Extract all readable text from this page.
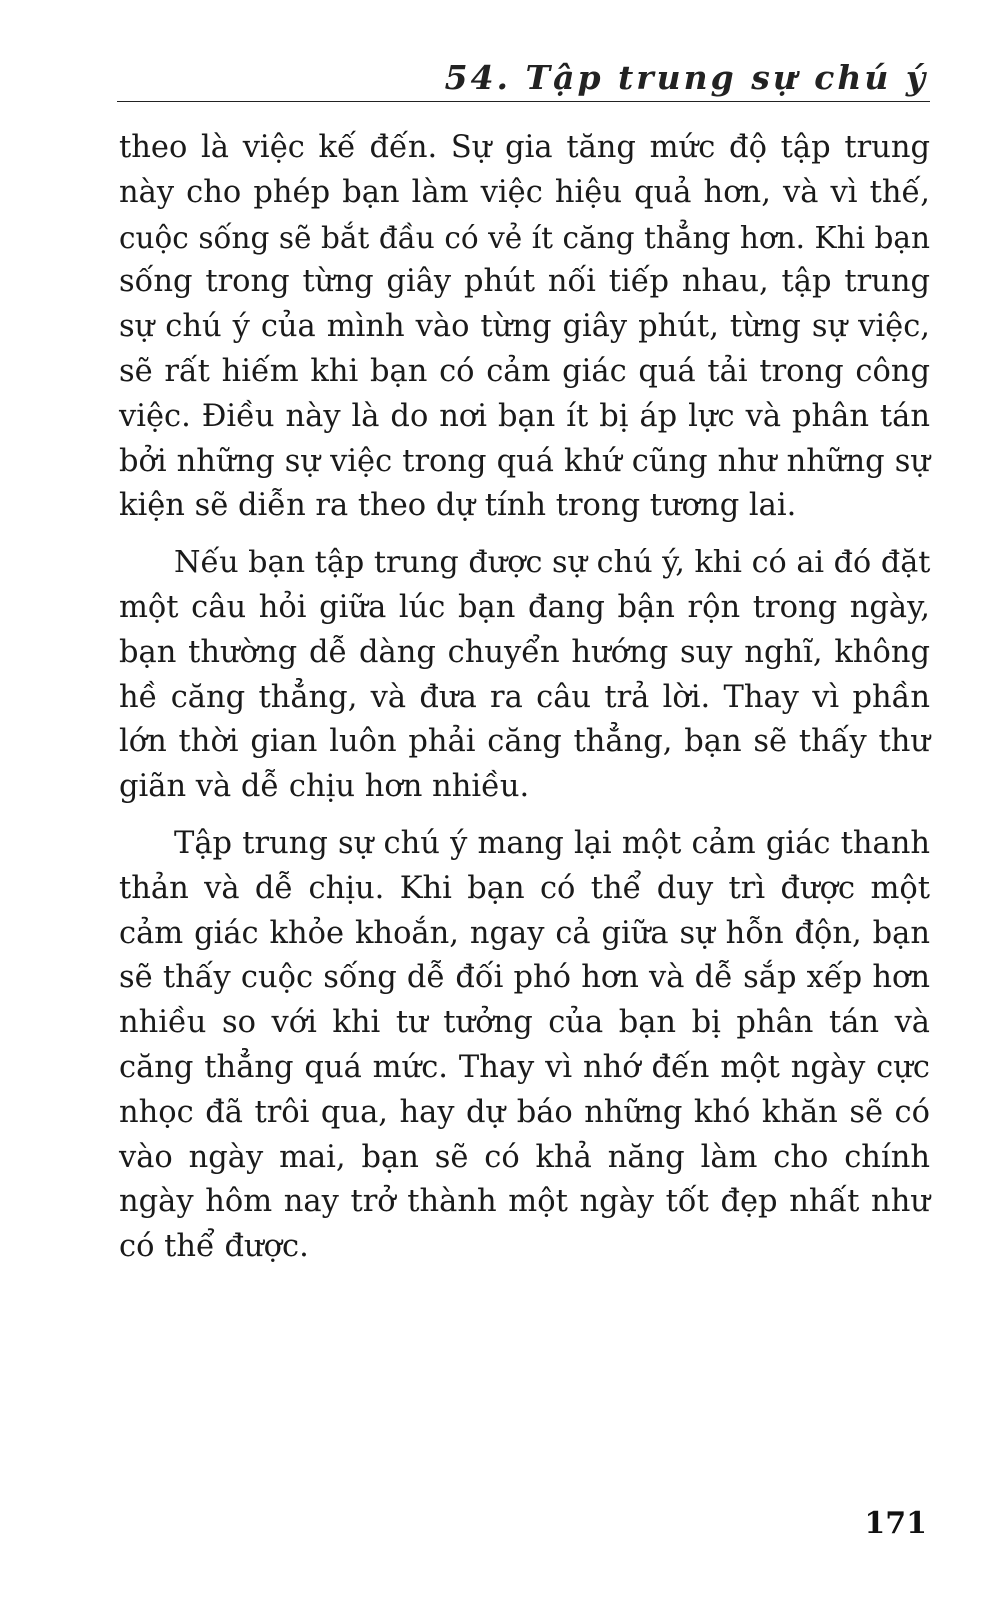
54. Tập trung sự chú ý

theo là việc kế đến. Sự gia tăng mức độ tập trung
này cho phép bạn làm việc hiệu quả hơn, và vì thế,
cuộc sống sẽ bắt đầu có vẻ ít căng thẳng hơn. Khi bạn
sống trong từng giây phút nối tiếp nhau, tập trung
sự chú ý của mình vào từng giây phút, từng sự việc,
sẽ rất hiếm khi bạn có cảm giác quá tải trong công
việc. Điều này là do nơi bạn ít bị áp lực và phân tán
bởi những sự việc trong quá khứ cũng như những sự
kiện sẽ diễn ra theo dự tính trong tương lai.

Nếu bạn tập trung được sự chú ý, khi có ai đó đặt
một câu hỏi giữa lúc bạn đang bận rộn trong ngày,
bạn thường dễ dàng chuyển hướng suy nghĩ, không
hề căng thẳng, và đưa ra câu trả lời. Thay vì phần
lớn thời gian luôn phải căng thẳng, bạn sẽ thấy thư
giãn và dễ chịu hơn nhiều.

Tập trung sự chú ý mang lại một cảm giác thanh
thản và dễ chịu. Khi bạn có thể duy trì được một
cảm giác khỏe khoắn, ngay cả giữa sự hỗn độn, bạn
sẽ thấy cuộc sống dễ đối phó hơn và dễ sắp xếp hơn
nhiều so với khi tư tưởng của bạn bị phân tán và
căng thẳng quá mức. Thay vì nhớ đến một ngày cực
nhọc đã trôi qua, hay dự báo những khó khăn sẽ có
vào ngày mai, bạn sẽ có khả năng làm cho chính
ngày hôm nay trở thành một ngày tốt đẹp nhất như
có thể được.

171
